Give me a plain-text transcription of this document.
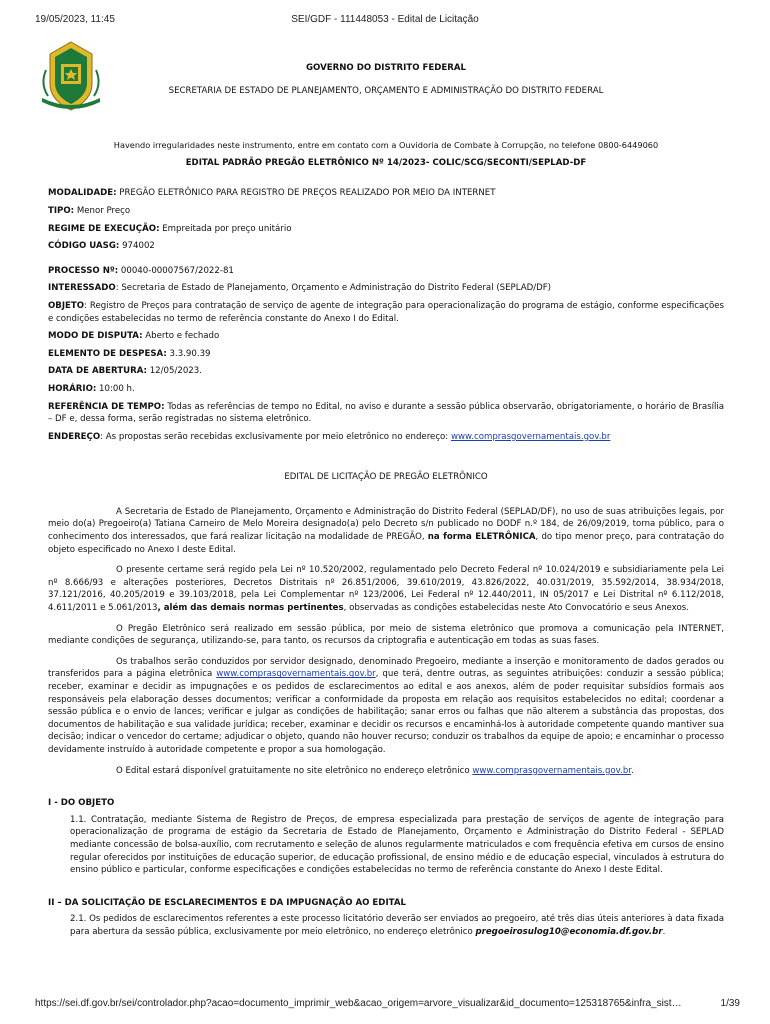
19/05/2023, 11:45	SEI/GDF - 111448053 - Edital de Licitação
GOVERNO DO DISTRITO FEDERAL
SECRETARIA DE ESTADO DE PLANEJAMENTO, ORÇAMENTO E ADMINISTRAÇÃO DO DISTRITO FEDERAL
Havendo irregularidades neste instrumento, entre em contato com a Ouvidoria de Combate à Corrupção, no telefone 0800-6449060
EDITAL PADRÃO PREGÃO ELETRÔNICO Nº 14/2023- COLIC/SCG/SECONTI/SEPLAD-DF

MODALIDADE: PREGÃO ELETRÔNICO PARA REGISTRO DE PREÇOS REALIZADO POR MEIO DA INTERNET

TIPO: Menor Preço

REGIME DE EXECUÇÃO: Empreitada por preço unitário

CÓDIGO UASG: 974002

PROCESSO Nº: 00040-00007567/2022-81

INTERESSADO: Secretaria de Estado de Planejamento, Orçamento e Administração do Distrito Federal (SEPLAD/DF)

OBJETO: Registro de Preços para contratação de serviço de agente de integração para operacionalização do programa de estágio, conforme especificações e condições estabelecidas no termo de referência constante do Anexo I do Edital.

MODO DE DISPUTA: Aberto e fechado

ELEMENTO DE DESPESA: 3.3.90.39

DATA DE ABERTURA: 12/05/2023.

HORÁRIO: 10:00 h.

REFERÊNCIA DE TEMPO: Todas as referências de tempo no Edital, no aviso e durante a sessão pública observarão, obrigatoriamente, o horário de Brasília – DF e, dessa forma, serão registradas no sistema eletrônico.

ENDEREÇO: As propostas serão recebidas exclusivamente por meio eletrônico no endereço: www.comprasgovernamentais.gov.br

EDITAL DE LICITAÇÃO DE PREGÃO ELETRÔNICO

A Secretaria de Estado de Planejamento, Orçamento e Administração do Distrito Federal (SEPLAD/DF), no uso de suas atribuições legais, por meio do(a) Pregoeiro(a) Tatiana Carneiro de Melo Moreira designado(a) pelo Decreto s/n publicado no DODF n.º 184, de 26/09/2019, torna público, para o conhecimento dos interessados, que fará realizar licitação na modalidade de PREGÃO, na forma ELETRÔNICA, do tipo menor preço, para contratação do objeto especificado no Anexo I deste Edital.

O presente certame será regido pela Lei nº 10.520/2002, regulamentado pelo Decreto Federal nº 10.024/2019 e subsidiariamente pela Lei nº 8.666/93 e alterações posteriores, Decretos Distritais nº 26.851/2006, 39.610/2019, 43.826/2022, 40.031/2019, 35.592/2014, 38.934/2018, 37.121/2016, 40.205/2019 e 39.103/2018, pela Lei Complementar nº 123/2006, Lei Federal nº 12.440/2011, IN 05/2017 e Lei Distrital nº 6.112/2018, 4.611/2011 e 5.061/2013, além das demais normas pertinentes, observadas as condições estabelecidas neste Ato Convocatório e seus Anexos.

O Pregão Eletrônico será realizado em sessão pública, por meio de sistema eletrônico que promova a comunicação pela INTERNET, mediante condições de segurança, utilizando-se, para tanto, os recursos da criptografia e autenticação em todas as suas fases.

Os trabalhos serão conduzidos por servidor designado, denominado Pregoeiro, mediante a inserção e monitoramento de dados gerados ou transferidos para a página eletrônica www.comprasgovernamentais.gov.br, que terá, dentre outras, as seguintes atribuições: conduzir a sessão pública; receber, examinar e decidir as impugnações e os pedidos de esclarecimentos ao edital e aos anexos, além de poder requisitar subsídios formais aos responsáveis pela elaboração desses documentos; verificar a conformidade da proposta em relação aos requisitos estabelecidos no edital; coordenar a sessão pública e o envio de lances; verificar e julgar as condições de habilitação; sanar erros ou falhas que não alterem a substância das propostas, dos documentos de habilitação e sua validade jurídica; receber, examinar e decidir os recursos e encaminhá-los à autoridade competente quando mantiver sua decisão; indicar o vencedor do certame; adjudicar o objeto, quando não houver recurso; conduzir os trabalhos da equipe de apoio; e encaminhar o processo devidamente instruído à autoridade competente e propor a sua homologação.

O Edital estará disponível gratuitamente no site eletrônico no endereço eletrônico www.comprasgovernamentais.gov.br.

I - DO OBJETO

1.1. Contratação, mediante Sistema de Registro de Preços, de empresa especializada para prestação de serviços de agente de integração para operacionalização de programa de estágio da Secretaria de Estado de Planejamento, Orçamento e Administração do Distrito Federal - SEPLAD mediante concessão de bolsa-auxílio, com recrutamento e seleção de alunos regularmente matriculados e com frequência efetiva em cursos de ensino regular oferecidos por instituições de educação superior, de educação profissional, de ensino médio e de educação especial, vinculados à estrutura do ensino público e particular, conforme especificações e condições estabelecidas no termo de referência constante do Anexo I deste Edital.

II – DA SOLICITAÇÃO DE ESCLARECIMENTOS E DA IMPUGNAÇÃO AO EDITAL

2.1. Os pedidos de esclarecimentos referentes a este processo licitatório deverão ser enviados ao pregoeiro, até três dias úteis anteriores à data fixada para abertura da sessão pública, exclusivamente por meio eletrônico, no endereço eletrônico pregoeirosulog10@economia.df.gov.br.

https://sei.df.gov.br/sei/controlador.php?acao=documento_imprimir_web&acao_origem=arvore_visualizar&id_documento=125318765&infra_sist…	1/39
